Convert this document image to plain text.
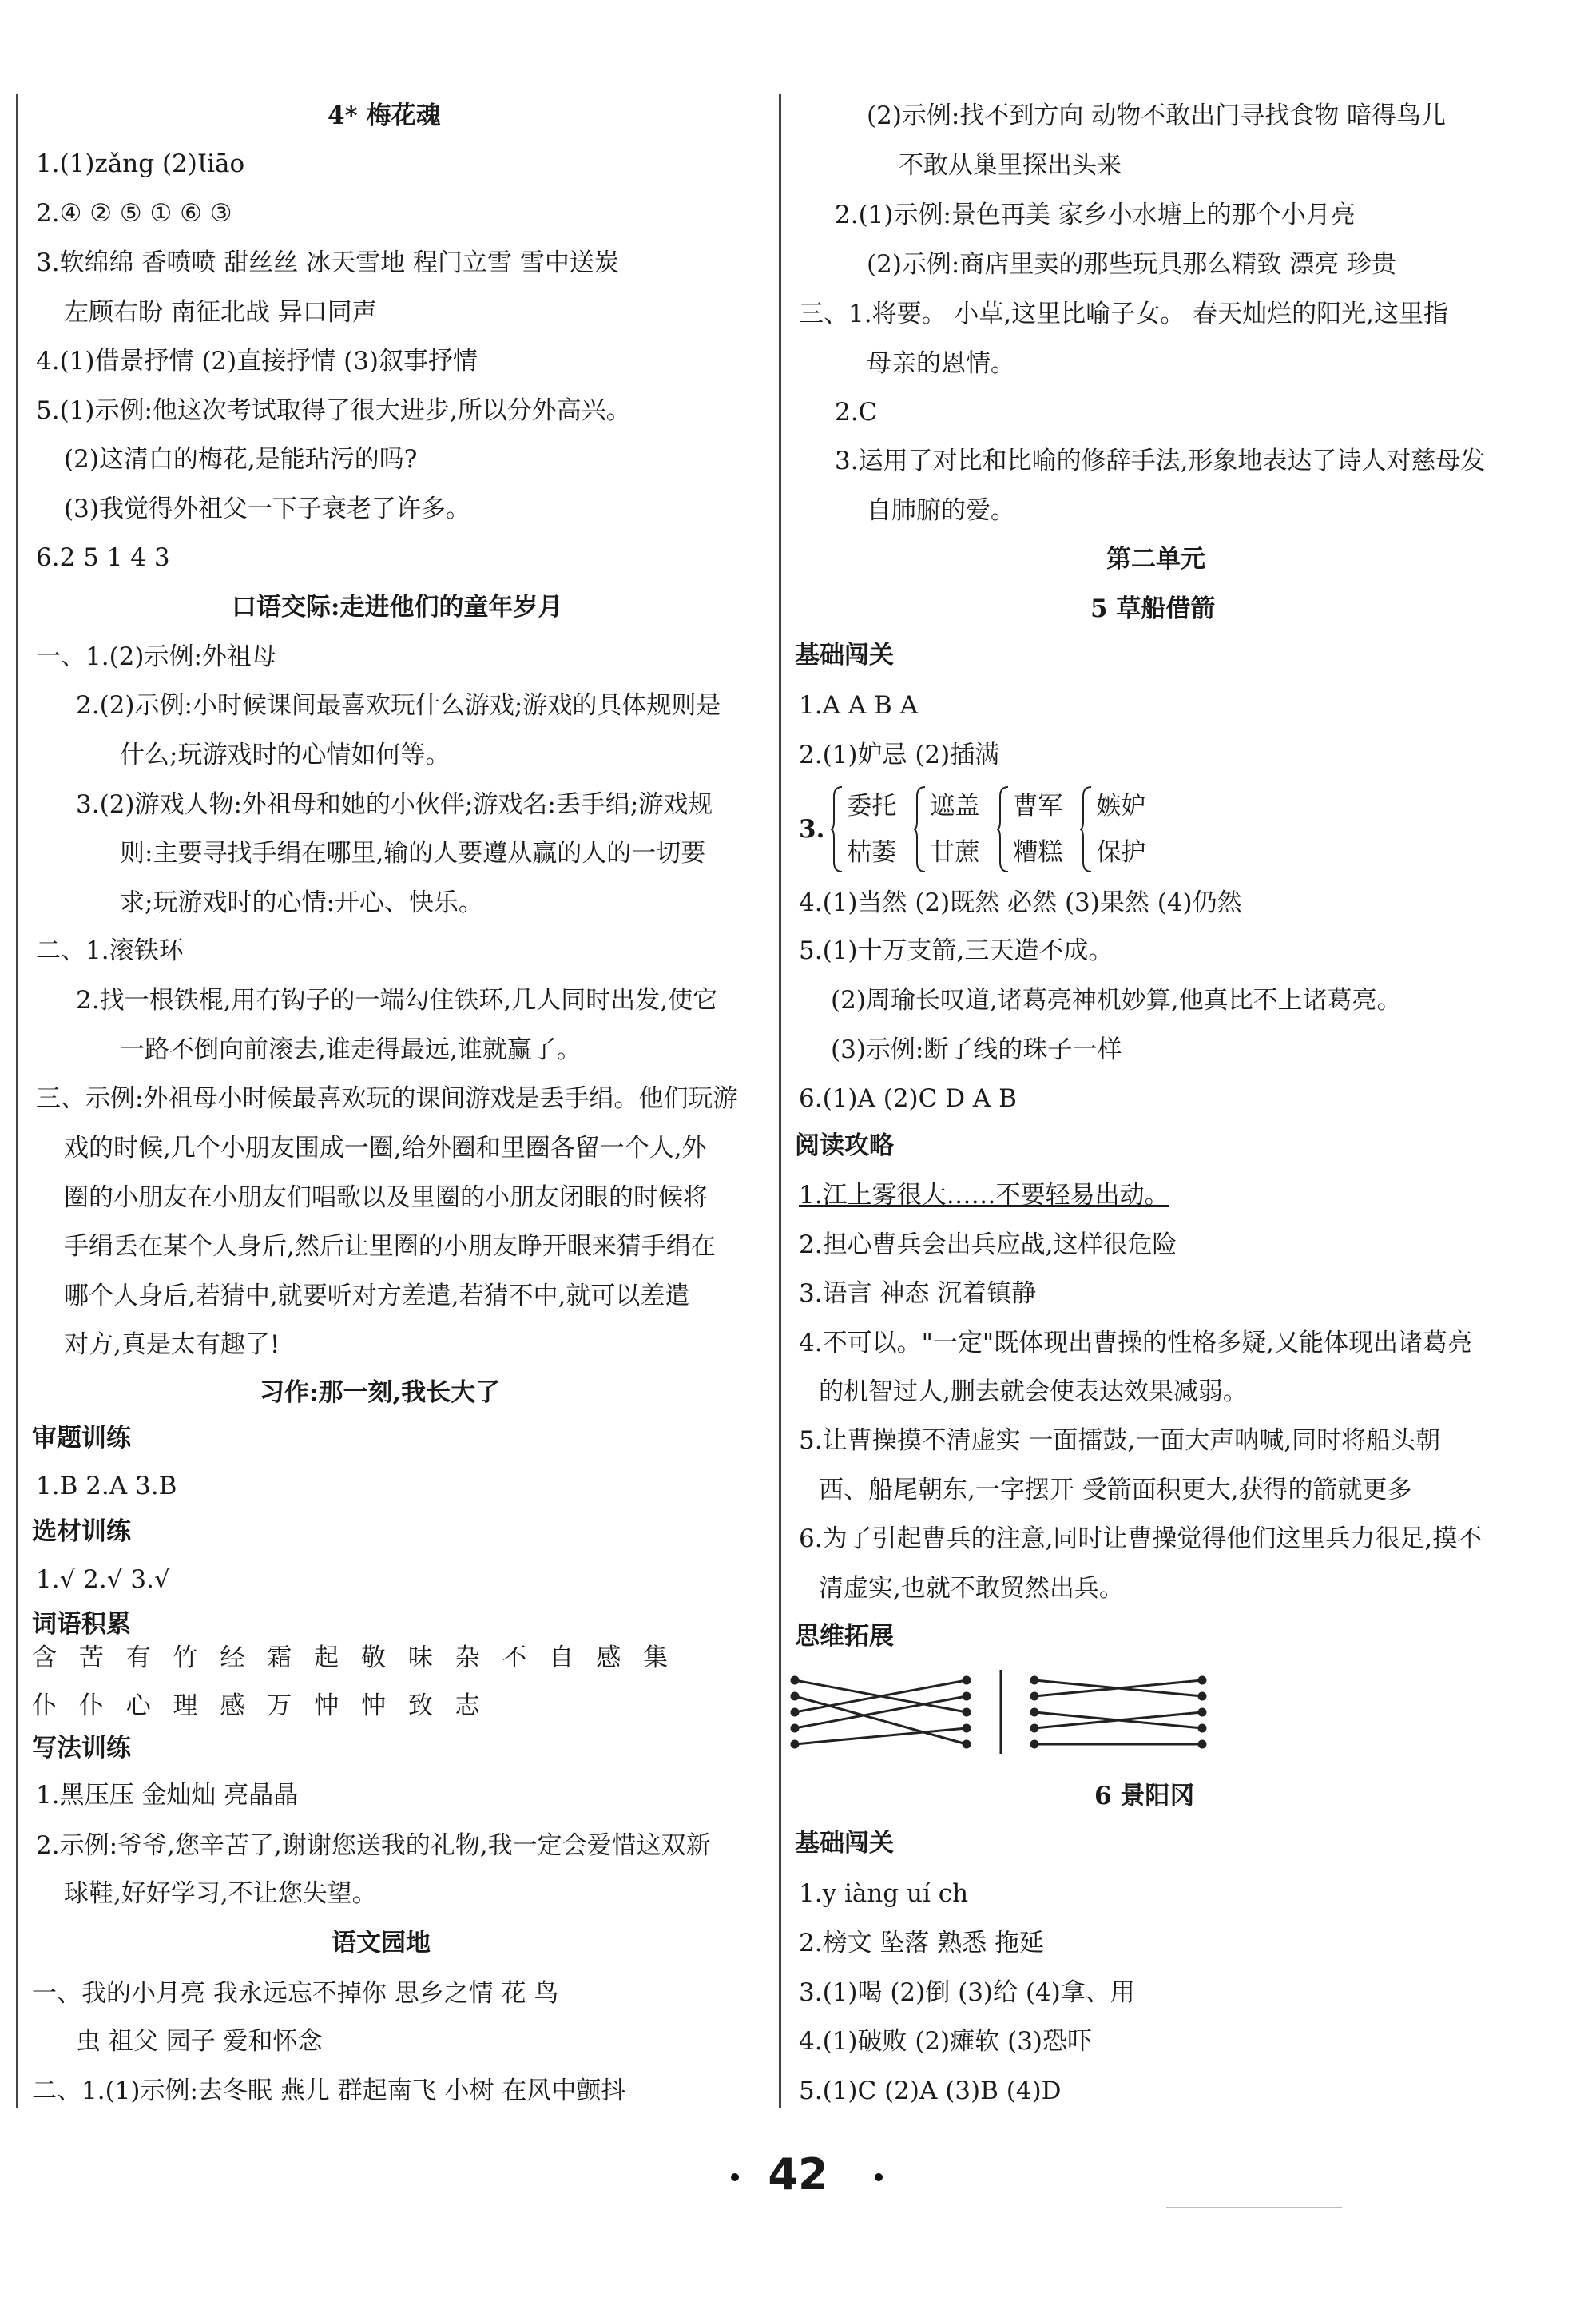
4* 梅花魂
1.(1)zǎng (2)Ɩiāo
2.④ ② ⑤ ① ⑥ ③
3.软绵绵 香喷喷 甜丝丝 冰天雪地 程门立雪 雪中送炭
左顾右盼 南征北战 异口同声
4.(1)借景抒情 (2)直接抒情 (3)叙事抒情
5.(1)示例:他这次考试取得了很大进步,所以分外高兴。
(2)这清白的梅花,是能玷污的吗?
(3)我觉得外祖父一下子衰老了许多。
6.2 5 1 4 3
口语交际:走进他们的童年岁月
一、1.(2)示例:外祖母
2.(2)示例:小时候课间最喜欢玩什么游戏;游戏的具体规则是
什么;玩游戏时的心情如何等。
3.(2)游戏人物:外祖母和她的小伙伴;游戏名:丢手绢;游戏规
则:主要寻找手绢在哪里,输的人要遵从赢的人的一切要
求;玩游戏时的心情:开心、快乐。
二、1.滚铁环
2.找一根铁棍,用有钩子的一端勾住铁环,几人同时出发,使它
一路不倒向前滚去,谁走得最远,谁就赢了。
三、示例:外祖母小时候最喜欢玩的课间游戏是丢手绢。他们玩游
戏的时候,几个小朋友围成一圈,给外圈和里圈各留一个人,外
圈的小朋友在小朋友们唱歌以及里圈的小朋友闭眼的时候将
手绢丢在某个人身后,然后让里圈的小朋友睁开眼来猜手绢在
哪个人身后,若猜中,就要听对方差遣,若猜不中,就可以差遣
对方,真是太有趣了!
习作:那一刻,我长大了
审题训练
1.B 2.A 3.B
选材训练
1.√ 2.√ 3.√
词语积累
含 苦 有 竹 经 霜 起 敬 味 杂 不 自 感 集
仆 仆 心 理 感 万 忡 忡 致 志
写法训练
1.黑压压 金灿灿 亮晶晶
2.示例:爷爷,您辛苦了,谢谢您送我的礼物,我一定会爱惜这双新
球鞋,好好学习,不让您失望。
语文园地
一、我的小月亮 我永远忘不掉你 思乡之情 花 鸟
虫 祖父 园子 爱和怀念
二、1.(1)示例:去冬眠 燕儿 群起南飞 小树 在风中颤抖
(2)示例:找不到方向 动物不敢出门寻找食物 暗得鸟儿
不敢从巢里探出头来
2.(1)示例:景色再美 家乡小水塘上的那个小月亮
(2)示例:商店里卖的那些玩具那么精致 漂亮 珍贵
三、1.将要。 小草,这里比喻子女。 春天灿烂的阳光,这里指
母亲的恩情。
2.C
3.运用了对比和比喻的修辞手法,形象地表达了诗人对慈母发
自肺腑的爱。
第二单元
5 草船借箭
基础闯关
1.A A B A
2.(1)妒忌 (2)插满
3.
委托
枯萎
遮盖
甘蔗
曹军
糟糕
嫉妒
保护
4.(1)当然 (2)既然 必然 (3)果然 (4)仍然
5.(1)十万支箭,三天造不成。
(2)周瑜长叹道,诸葛亮神机妙算,他真比不上诸葛亮。
(3)示例:断了线的珠子一样
6.(1)A (2)C D A B
阅读攻略
1.江上雾很大……不要轻易出动。
2.担心曹兵会出兵应战,这样很危险
3.语言 神态 沉着镇静
4.不可以。"一定"既体现出曹操的性格多疑,又能体现出诸葛亮
的机智过人,删去就会使表达效果减弱。
5.让曹操摸不清虚实 一面擂鼓,一面大声呐喊,同时将船头朝
西、船尾朝东,一字摆开 受箭面积更大,获得的箭就更多
6.为了引起曹兵的注意,同时让曹操觉得他们这里兵力很足,摸不
清虚实,也就不敢贸然出兵。
思维拓展
6 景阳冈
基础闯关
1.y iàng uí ch
2.榜文 坠落 熟悉 拖延
3.(1)喝 (2)倒 (3)给 (4)拿、用
4.(1)破败 (2)瘫软 (3)恐吓
5.(1)C (2)A (3)B (4)D
42
